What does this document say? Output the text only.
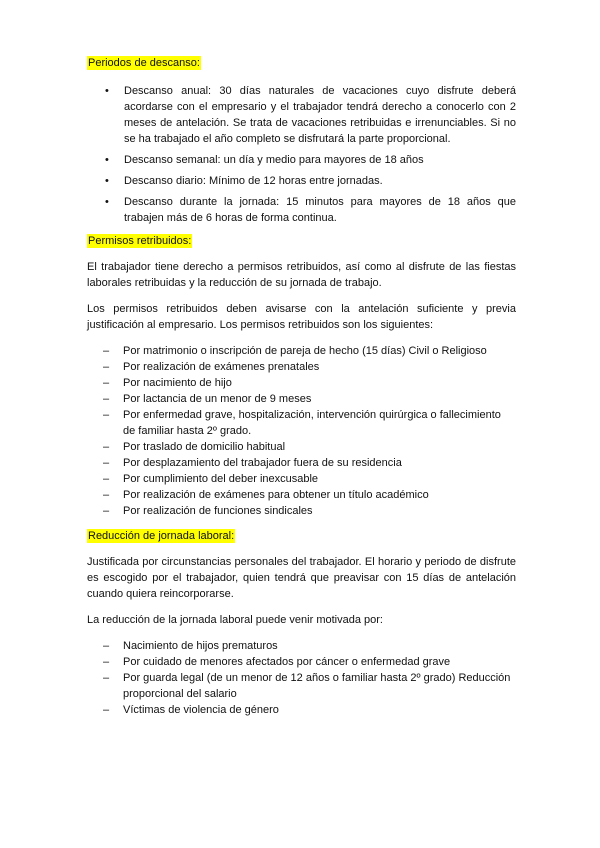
Periodos de descanso:
• Descanso anual: 30 días naturales de vacaciones cuyo disfrute deberá acordarse con el empresario y el trabajador tendrá derecho a conocerlo con 2 meses de antelación. Se trata de vacaciones retribuidas e irrenunciables. Si no se ha trabajado el año completo se disfrutará la parte proporcional.
• Descanso semanal: un día y medio para mayores de 18 años
• Descanso diario: Mínimo de 12 horas entre jornadas.
• Descanso durante la jornada: 15 minutos para mayores de 18 años que trabajen más de 6 horas de forma continua.
Permisos retribuidos:

El trabajador tiene derecho a permisos retribuidos, así como al disfrute de las fiestas laborales retribuidas y la reducción de su jornada de trabajo.

Los permisos retribuidos deben avisarse con la antelación suficiente y previa justificación al empresario. Los permisos retribuidos son los siguientes:

– Por matrimonio o inscripción de pareja de hecho (15 días) Civil o Religioso
– Por realización de exámenes prenatales
– Por nacimiento de hijo
– Por lactancia de un menor de 9 meses
– Por enfermedad grave, hospitalización, intervención quirúrgica o fallecimiento de familiar hasta 2º grado.
– Por traslado de domicilio habitual
– Por desplazamiento del trabajador fuera de su residencia
– Por cumplimiento del deber inexcusable
– Por realización de exámenes para obtener un título académico
– Por realización de funciones sindicales
Reducción de jornada laboral:

Justificada por circunstancias personales del trabajador. El horario y periodo de disfrute es escogido por el trabajador, quien tendrá que preavisar con 15 días de antelación cuando quiera reincorporarse.

La reducción de la jornada laboral puede venir motivada por:

– Nacimiento de hijos prematuros
– Por cuidado de menores afectados por cáncer o enfermedad grave
– Por guarda legal (de un menor de 12 años o familiar hasta 2º grado) Reducción proporcional del salario
– Víctimas de violencia de género
